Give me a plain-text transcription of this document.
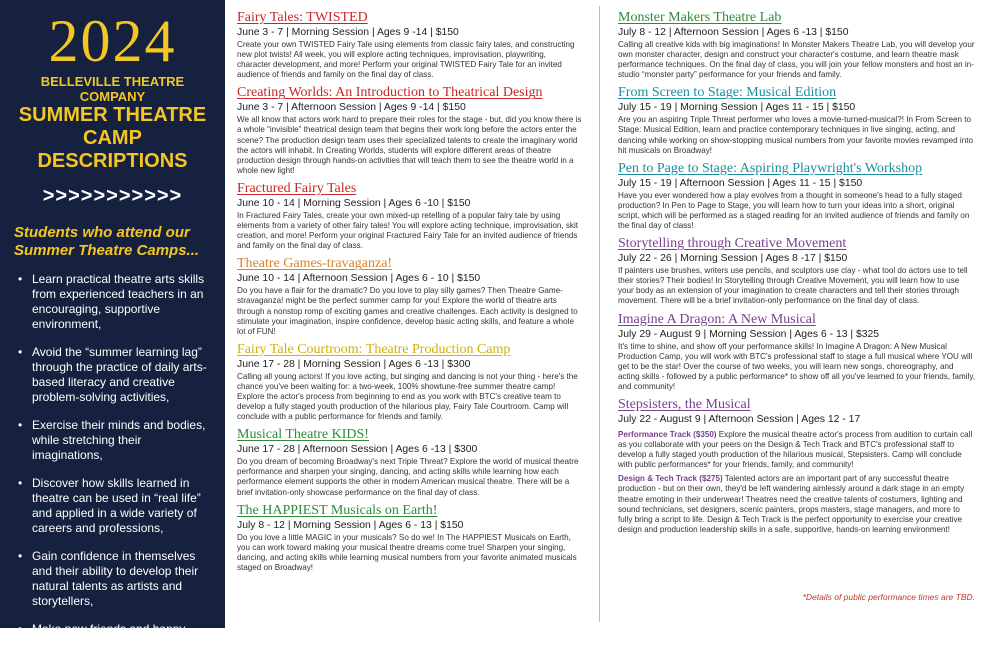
2024
BELLEVILLE THEATRE COMPANY
SUMMER THEATRE
CAMP DESCRIPTIONS
>>>>>>>>>>>
Students who attend our Summer Theatre Camps...
• Learn practical theatre arts skills from experienced teachers in an encouraging, supportive environment,
• Avoid the “summer learning lag” through the practice of daily arts-based literacy and creative problem-solving activities,
• Exercise their minds and bodies, while stretching their imaginations,
• Discover how skills learned in theatre can be used in “real life” and applied in a wide variety of careers and professions,
• Gain confidence in themselves and their ability to develop their natural talents as artists and storytellers,
• Make new friends and happy memories to carry for life!
Fairy Tales: TWISTED
June 3 - 7 | Morning Session | Ages 9 -14 | $150
Create your own TWISTED Fairy Tale using elements from classic fairy tales, and constructing new plot twists! All week, you will explore acting techniques, improvisation, playwriting, character development, and more! Perform your original TWISTED Fairy Tale for an invited audience of friends and family on the final day of class.
Creating Worlds: An Introduction to Theatrical Design
June 3 - 7 | Afternoon Session | Ages 9 -14 | $150
We all know that actors work hard to prepare their roles for the stage - but, did you know there is a whole “invisible” theatrical design team that begins their work long before the actors enter the scene? The production design team uses their specialized talents to create the imaginary world the actors will inhabit. In Creating Worlds, students will explore different areas of theatre production design through hands-on activities that will teach them to see the theatre world in a whole new light!
Fractured Fairy Tales
June 10 - 14 | Morning Session | Ages 6 -10 | $150
In Fractured Fairy Tales, create your own mixed-up retelling of a popular fairy tale by using elements from a variety of other fairy tales! You will explore acting technique, improvisation, skit creation, and more! Perform your original Fractured Fairy Tale for an invited audience of friends and family on the final day of class.
Theatre Games-travaganza!
June 10 - 14 | Afternoon Session | Ages 6 - 10 | $150
Do you have a flair for the dramatic? Do you love to play silly games? Then Theatre Game-stravaganza! might be the perfect summer camp for you! Explore the world of theatre arts through a nonstop romp of exciting games and creative challenges. Each activity is designed to stimulate your imagination, inspire confidence, develop basic acting skills, and feature a whole lot of FUN!
Fairy Tale Courtroom: Theatre Production Camp
June 17 - 28 | Morning Session | Ages 6 -13 | $300
Calling all young actors! If you love acting, but singing and dancing is not your thing - here's the chance you've been waiting for: a two-week, 100% showtune-free summer theatre camp! Explore the actor's process from beginning to end as you work with BTC's creative team to develop a fully staged youth production of the hilarious play, Fairy Tale Courtroom. Camp will conclude with a public performance for friends and family.
Musical Theatre KIDS!
June 17 - 28 | Afternoon Session | Ages 6 -13 | $300
Do you dream of becoming Broadway's next Triple Threat? Explore the world of musical theatre performance and sharpen your singing, dancing, and acting skills while learning how each performance element supports the other in modern American musical theatre. There will be a brief invitation-only showcase performance on the final day of class.
The HAPPIEST Musicals on Earth!
July 8 - 12 | Morning Session | Ages 6 - 13 | $150
Do you love a little MAGIC in your musicals? So do we! In The HAPPIEST Musicals on Earth, you can work toward making your musical theatre dreams come true! Sharpen your singing, dancing, and acting skills while learning musical numbers from your favorite animated musicals staged on Broadway!
Monster Makers Theatre Lab
July 8 - 12 | Afternoon Session | Ages 6 -13 | $150
Calling all creative kids with big imaginations! In Monster Makers Theatre Lab, you will develop your own monster character, design and construct your character's costume, and learn theatre mask performance techniques. On the final day of class, you will join your fellow monsters and host an in-studio “monster party” performance for your friends and family.
From Screen to Stage: Musical Edition
July 15 - 19 | Morning Session | Ages 11 - 15 | $150
Are you an aspiring Triple Threat performer who loves a movie-turned-musical?! In From Screen to Stage: Musical Edition, learn and practice contemporary techniques in live singing, acting, and dancing while working on show-stopping musical numbers from your favorite movies revamped into hit musicals on Broadway!
Pen to Page to Stage: Aspiring Playwright's Workshop
July 15 - 19 | Afternoon Session | Ages 11 - 15 | $150
Have you ever wondered how a play evolves from a thought in someone's head to a fully staged production? In Pen to Page to Stage, you will learn how to turn your ideas into a short, original script, which will be performed as a staged reading for an invited audience of friends and family on the final day of class!
Storytelling through Creative Movement
July 22 - 26 | Morning Session | Ages 8 -17 | $150
If painters use brushes, writers use pencils, and sculptors use clay - what tool do actors use to tell their stories? Their bodies! In Storytelling through Creative Movement, you will learn how to use your body as an extension of your imagination to create characters and tell their stories through movement. There will be a brief invitation-only performance on the final day of class.
Imagine A Dragon: A New Musical
July 29 - August 9 | Morning Session | Ages 6 - 13 | $325
It's time to shine, and show off your performance skills! In Imagine A Dragon: A New Musical Production Camp, you will work with BTC's professional staff to stage a full musical where YOU will get to be the star! Over the course of two weeks, you will learn new songs, choreography, and acting skills - followed by a public performance* to show off all you've learned to your friends, family, and community!
Stepsisters, the Musical
July 22 - August 9 | Afternoon Session | Ages 12 - 17
Performance Track ($350) Explore the musical theatre actor's process from audition to curtain call as you collaborate with your peers on the Design & Tech Track and BTC's professional staff to develop a fully staged youth production of the hilarious musical, Stepsisters. Camp will conclude with public performances* for your friends, family, and community!
Design & Tech Track ($275) Talented actors are an important part of any successful theatre production - but on their own, they'd be left wandering aimlessly around a dark stage in an empty theatre emoting in their underwear! Theatres need the creative talents of costumers, lighting and sound technicians, set designers, scenic painters, props masters, stage managers, and more to fully bring a script to life. Design & Tech Track is the perfect opportunity to exercise your creative design and production leadership skills in a safe, supportive, hands-on learning environment!
*Details of public performance times are TBD.
